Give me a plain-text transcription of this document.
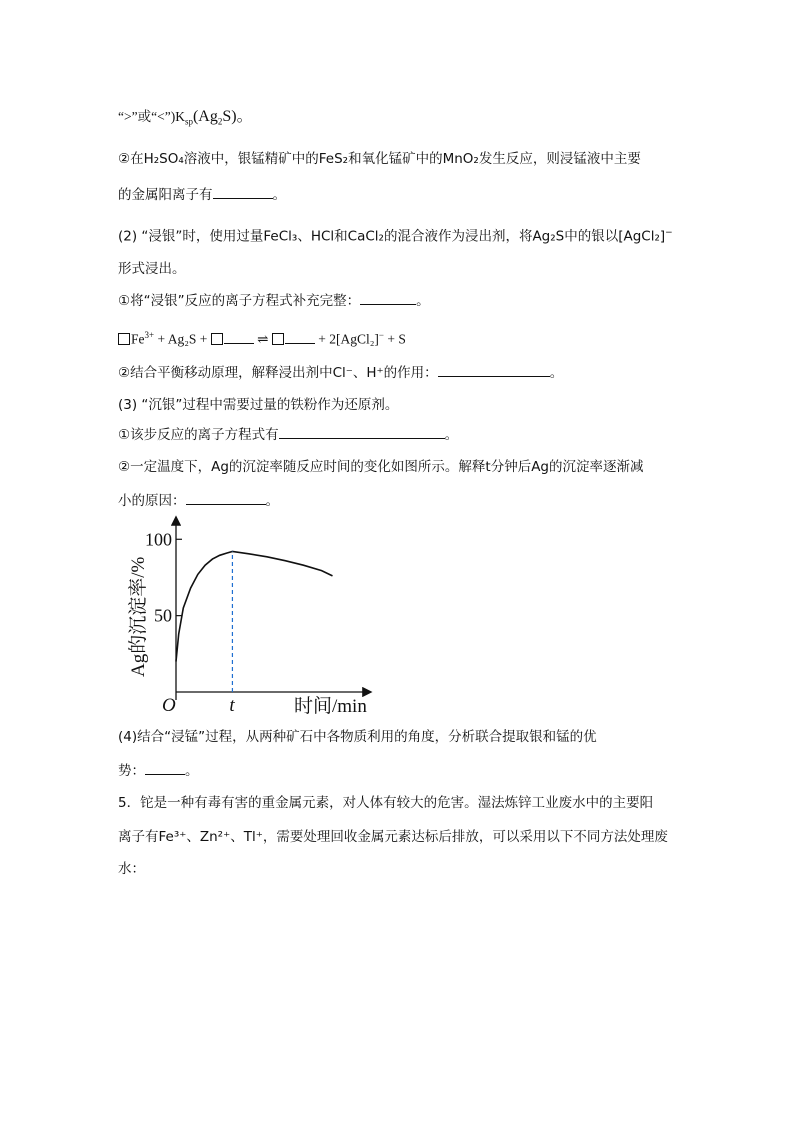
“>”或“$<”)K_{sp}(Ag_2S)$。
②在H₂SO₄溶液中，银锰精矿中的FeS₂和氧化锰矿中的MnO₂发生反应，则浸锰液中主要
的金属阳离子有	。
(2) “浸银”时，使用过量FeCl₃、HCl和CaCl₂的混合液作为浸出剂，将Ag₂S中的银以[AgCl₂]−
形式浸出。
①将“浸银”反应的离子方程式补充完整：	。
$Fe^{3+} + Ag_2S$ +	⇌	+ 2[AgCl₂]− + S
②结合平衡移动原理，解释浸出剂中Cl⁻、H⁺的作用：	。
(3) “沉银”过程中需要过量的铁粉作为还原剂。
①该步反应的离子方程式有	。
②一定温度下，Ag的沉淀率随反应时间的变化如图所示。解释t分钟后Ag的沉淀率逐渐减
小的原因：	。
50
100
Ag的沉淀率/%
时间/min
O	t
(4)结合“浸锰”过程，从两种矿石中各物质利用的角度，分析联合提取银和锰的优
势：	。
5．铊是一种有毒有害的重金属元素，对人体有较大的危害。湿法炼锌工业废水中的主要阳
离子有Fe³⁺、Zn²⁺、Tl⁺，需要处理回收金属元素达标后排放，可以采用以下不同方法处理废
水：
